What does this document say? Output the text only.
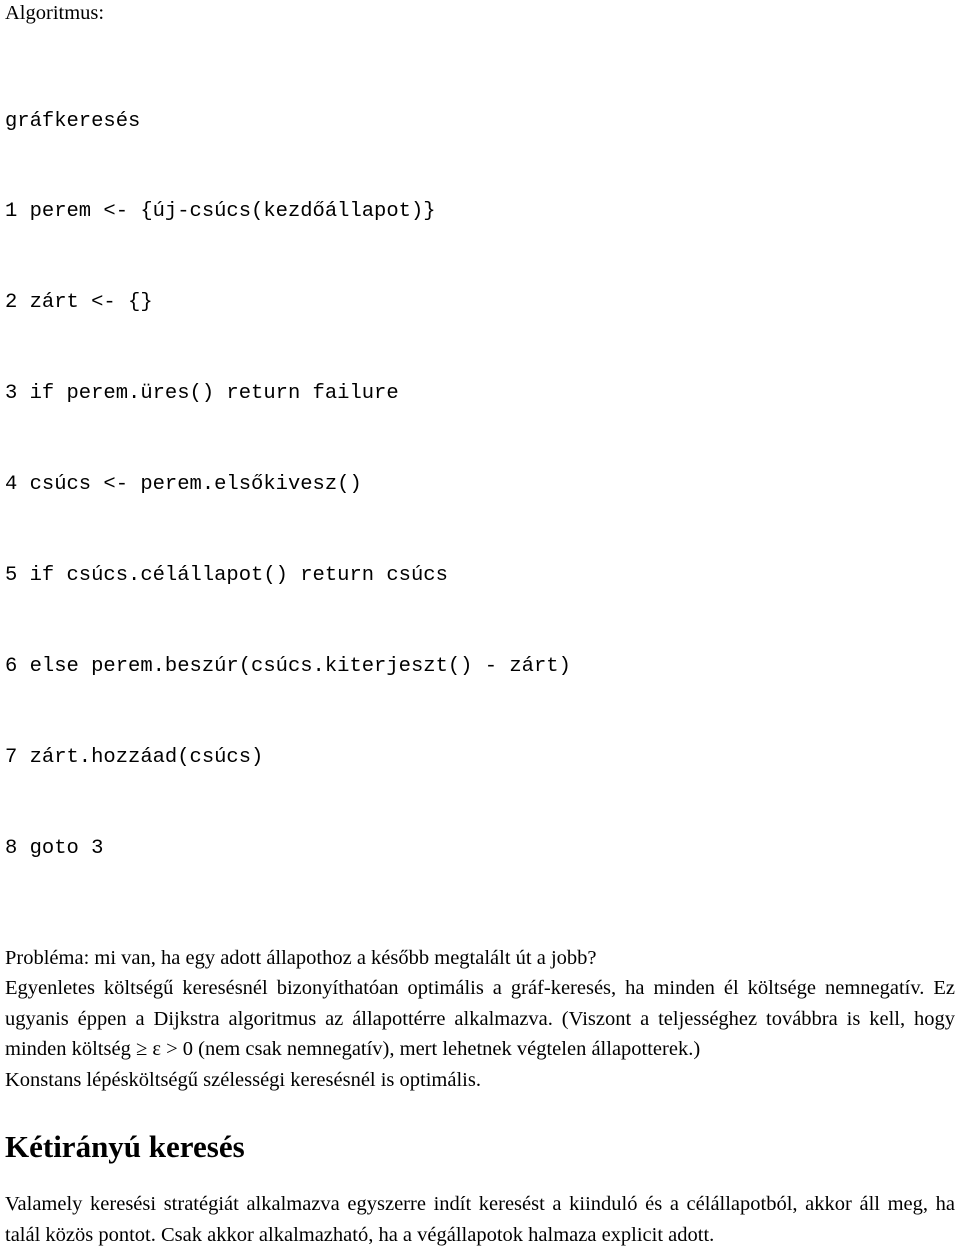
Algoritmus:

gráfkeresés

1 perem <- {új-csúcs(kezdőállapot)}

2 zárt <- {}

3 if perem.üres() return failure

4 csúcs <- perem.elsőkivesz()

5 if csúcs.célállapot() return csúcs

6 else perem.beszúr(csúcs.kiterjeszt() - zárt)

7 zárt.hozzáad(csúcs)

8 goto 3

Probléma: mi van, ha egy adott állapothoz a később megtalált út a jobb?
Egyenletes költségű keresésnél bizonyíthatóan optimális a gráf-keresés, ha minden él költsége nemnegatív. Ez ugyanis éppen a Dijkstra algoritmus az állapottérre alkalmazva. (Viszont a teljességhez továbbra is kell, hogy minden költség ≥ ε > 0 (nem csak nemnegatív), mert lehetnek végtelen állapotterek.)
Konstans lépésköltségű szélességi keresésnél is optimális.
Kétirányú keresés
Valamely keresési stratégiát alkalmazva egyszerre indít keresést a kiinduló és a célállapotból, akkor áll meg, ha talál közös pontot. Csak akkor alkalmazható, ha a végállapotok halmaza explicit adott.
